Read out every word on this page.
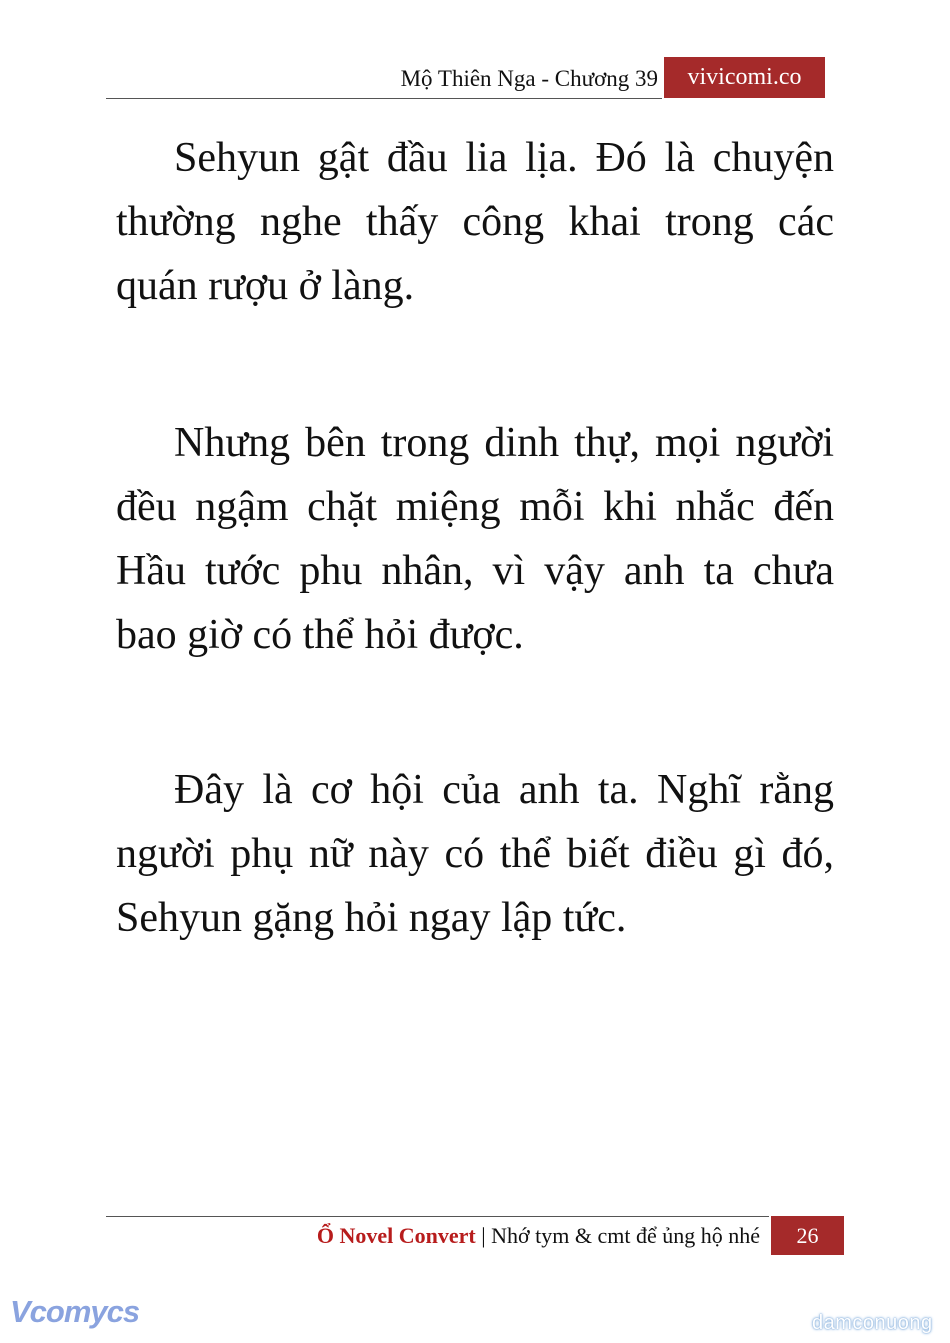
Mộ Thiên Nga - Chương 39	vivicomi.co

Sehyun gật đầu lia lịa. Đó là chuyện thường nghe thấy công khai trong các quán rượu ở làng.

Nhưng bên trong dinh thự, mọi người đều ngậm chặt miệng mỗi khi nhắc đến Hầu tước phu nhân, vì vậy anh ta chưa bao giờ có thể hỏi được.

Đây là cơ hội của anh ta. Nghĩ rằng người phụ nữ này có thể biết điều gì đó, Sehyun gặng hỏi ngay lập tức.

Ổ Novel Convert | Nhớ tym & cmt để ủng hộ nhé	26
Vcomycs	damconuong
